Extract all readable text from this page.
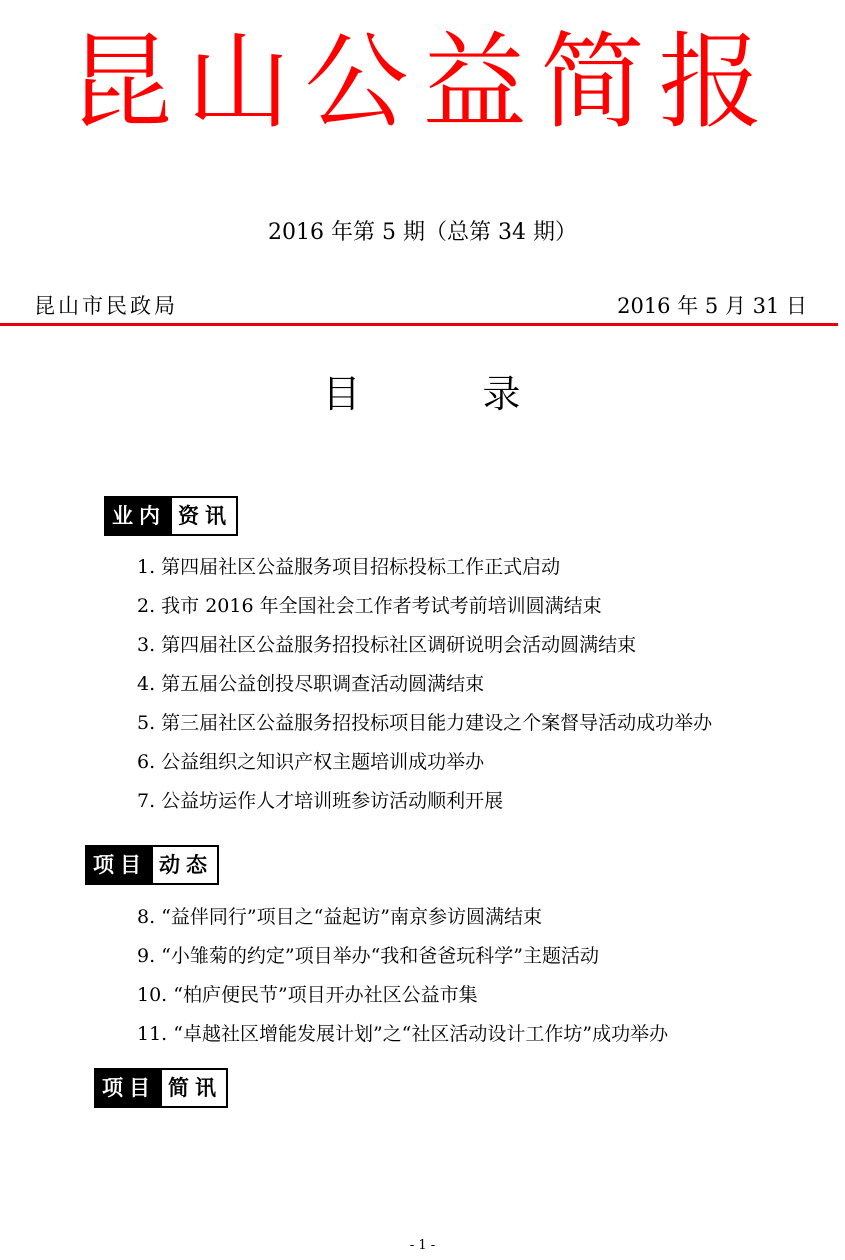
昆山公益简报
2016 年第 5 期（总第 34 期）
昆山市民政局	2016 年 5 月 31 日
目　　　录
业内 资讯
1. 第四届社区公益服务项目招标投标工作正式启动
2. 我市 2016 年全国社会工作者考试考前培训圆满结束
3. 第四届社区公益服务招投标社区调研说明会活动圆满结束
4. 第五届公益创投尽职调查活动圆满结束
5. 第三届社区公益服务招投标项目能力建设之个案督导活动成功举办
6. 公益组织之知识产权主题培训成功举办
7. 公益坊运作人才培训班参访活动顺利开展
项目 动态
8. “益伴同行”项目之“益起访”南京参访圆满结束
9. “小雏菊的约定”项目举办“我和爸爸玩科学”主题活动
10. “柏庐便民节”项目开办社区公益市集
11. “卓越社区增能发展计划”之“社区活动设计工作坊”成功举办
项目 简讯
- 1 -
